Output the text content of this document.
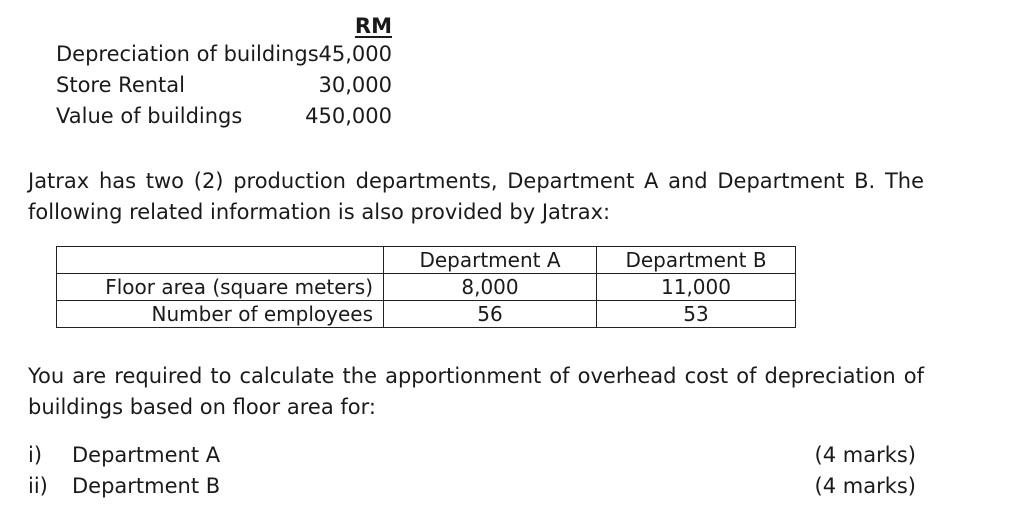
RM
Depreciation of buildings 45,000
Store Rental	30,000
Value of buildings	450,000
Jatrax has two (2) production departments, Department A and Department B. The following related information is also provided by Jatrax:
	Department A	Department B
Floor area (square meters)	8,000	11,000
Number of employees	56	53
You are required to calculate the apportionment of overhead cost of depreciation of buildings based on floor area for:
i) Department A	(4 marks)
ii) Department B	(4 marks)
